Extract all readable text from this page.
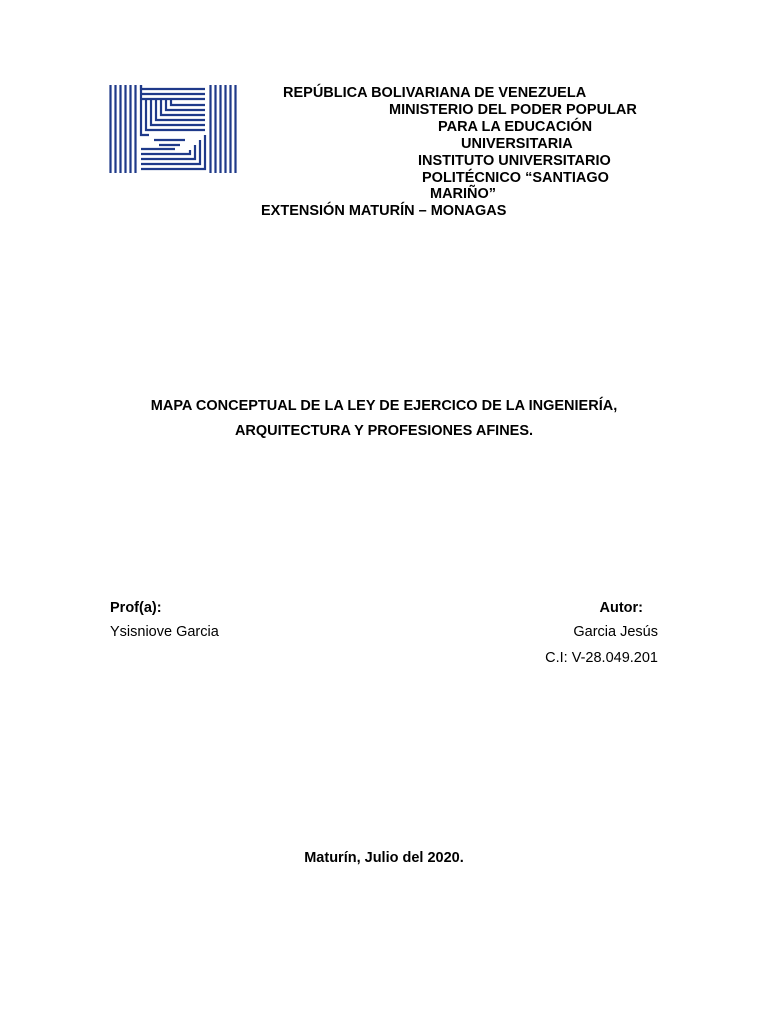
REPÚBLICA BOLIVARIANA DE VENEZUELA
MINISTERIO DEL PODER POPULAR
PARA LA EDUCACIÓN
UNIVERSITARIA
INSTITUTO UNIVERSITARIO
POLITÉCNICO “SANTIAGO
MARIÑO”
EXTENSIÓN MATURÍN – MONAGAS
MAPA CONCEPTUAL DE LA LEY DE EJERCICO DE LA INGENIERÍA,
ARQUITECTURA Y PROFESIONES AFINES.
Prof(a):
Ysisniove Garcia
Autor:
Garcia Jesús
C.I: V-28.049.201
Maturín, Julio del 2020.
